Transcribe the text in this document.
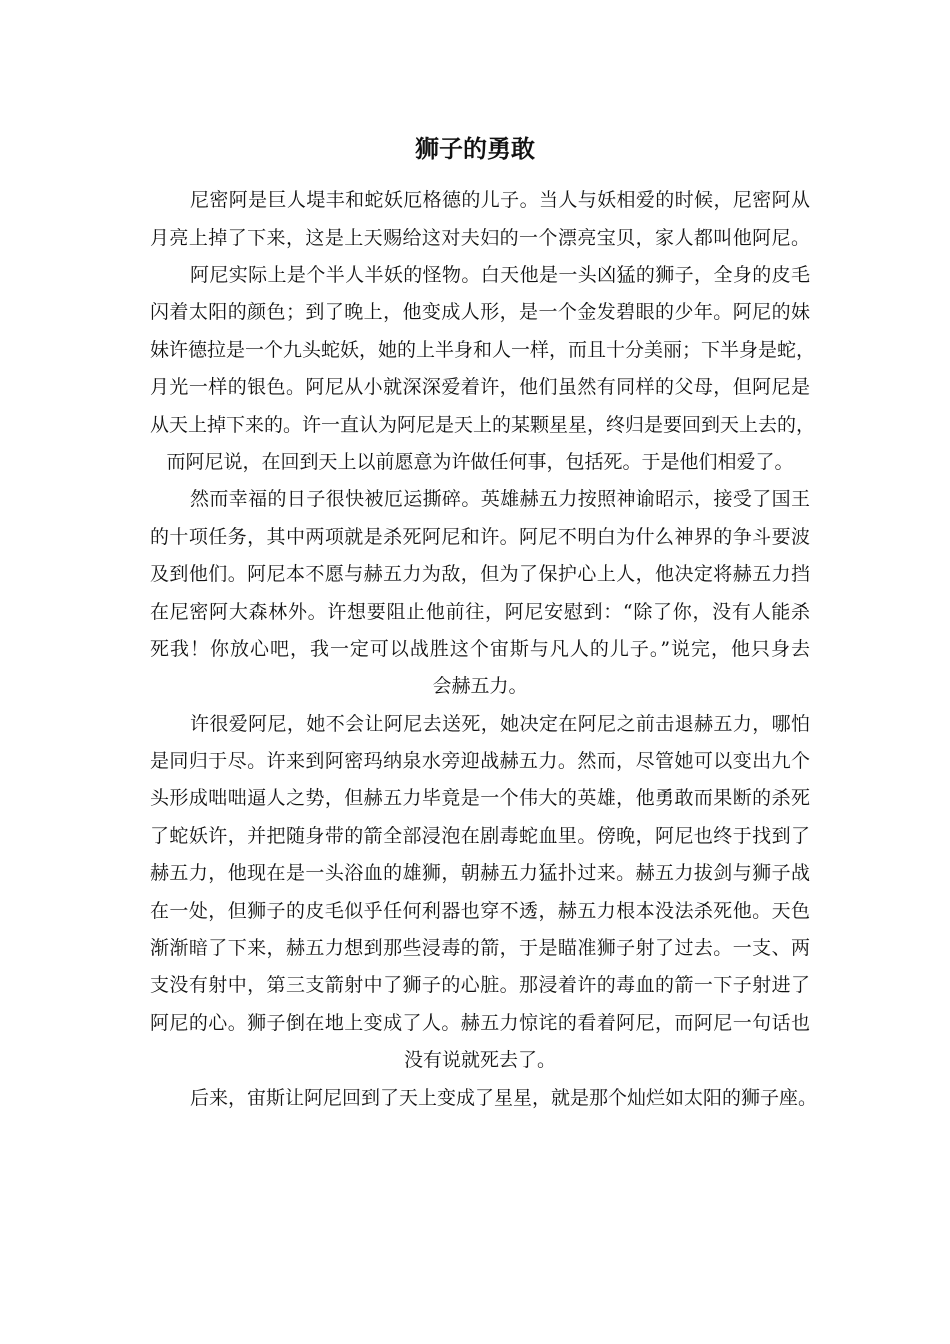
狮子的勇敢
尼密阿是巨人堤丰和蛇妖厄格德的儿子。当人与妖相爱的时候，尼密阿从
月亮上掉了下来，这是上天赐给这对夫妇的一个漂亮宝贝，家人都叫他阿尼。
阿尼实际上是个半人半妖的怪物。白天他是一头凶猛的狮子，全身的皮毛
闪着太阳的颜色；到了晚上，他变成人形，是一个金发碧眼的少年。阿尼的妹
妹许德拉是一个九头蛇妖，她的上半身和人一样，而且十分美丽；下半身是蛇，
月光一样的银色。阿尼从小就深深爱着许，他们虽然有同样的父母，但阿尼是
从天上掉下来的。许一直认为阿尼是天上的某颗星星，终归是要回到天上去的，
而阿尼说，在回到天上以前愿意为许做任何事，包括死。于是他们相爱了。
然而幸福的日子很快被厄运撕碎。英雄赫五力按照神谕昭示，接受了国王
的十项任务，其中两项就是杀死阿尼和许。阿尼不明白为什么神界的争斗要波
及到他们。阿尼本不愿与赫五力为敌，但为了保护心上人，他决定将赫五力挡
在尼密阿大森林外。许想要阻止他前往，阿尼安慰到：“除了你，没有人能杀
死我！你放心吧，我一定可以战胜这个宙斯与凡人的儿子。”说完，他只身去
会赫五力。
许很爱阿尼，她不会让阿尼去送死，她决定在阿尼之前击退赫五力，哪怕
是同归于尽。许来到阿密玛纳泉水旁迎战赫五力。然而，尽管她可以变出九个
头形成咄咄逼人之势，但赫五力毕竟是一个伟大的英雄，他勇敢而果断的杀死
了蛇妖许，并把随身带的箭全部浸泡在剧毒蛇血里。傍晚，阿尼也终于找到了
赫五力，他现在是一头浴血的雄狮，朝赫五力猛扑过来。赫五力拔剑与狮子战
在一处，但狮子的皮毛似乎任何利器也穿不透，赫五力根本没法杀死他。天色
渐渐暗了下来，赫五力想到那些浸毒的箭，于是瞄准狮子射了过去。一支、两
支没有射中，第三支箭射中了狮子的心脏。那浸着许的毒血的箭一下子射进了
阿尼的心。狮子倒在地上变成了人。赫五力惊诧的看着阿尼，而阿尼一句话也
没有说就死去了。
后来，宙斯让阿尼回到了天上变成了星星，就是那个灿烂如太阳的狮子座。
